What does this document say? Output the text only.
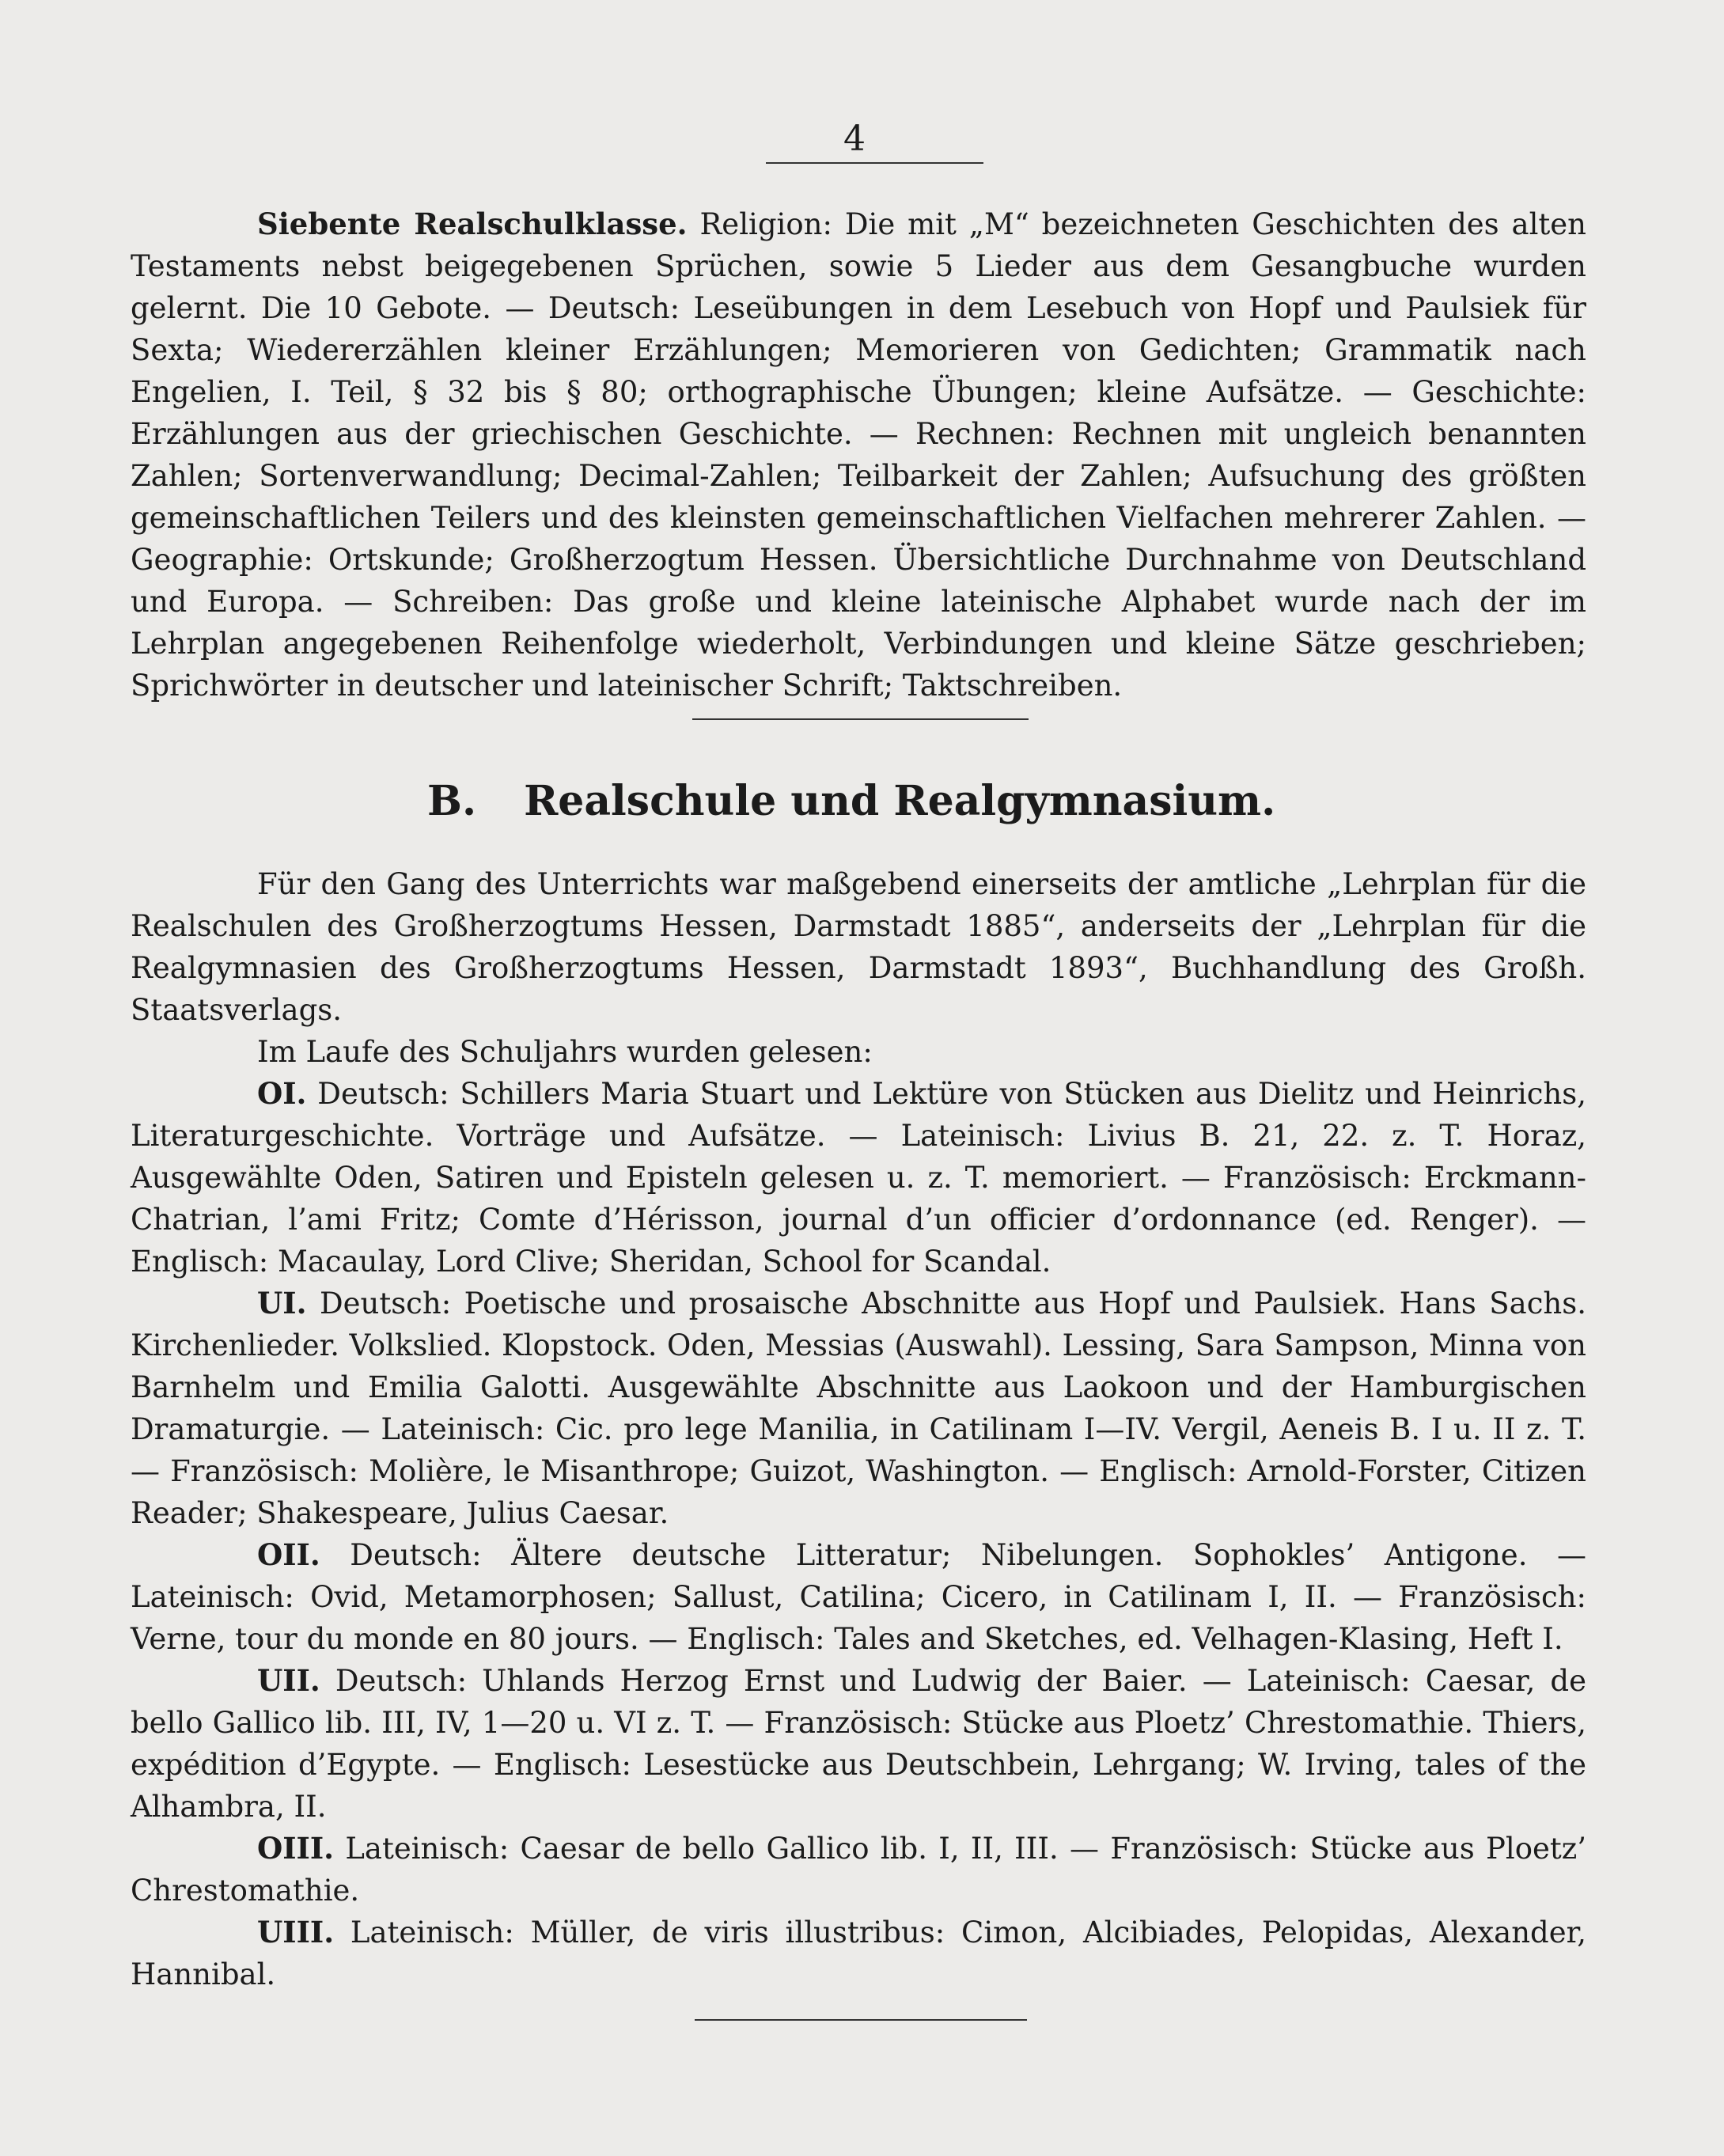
4

Siebente Realschulklasse. Religion: Die mit „M“ bezeichneten Geschichten des alten Testaments nebst beigegebenen Sprüchen, sowie 5 Lieder aus dem Gesangbuche wurden gelernt. Die 10 Gebote. — Deutsch: Leseübungen in dem Lesebuch von Hopf und Paulsiek für Sexta; Wiedererzählen kleiner Erzählungen; Memorieren von Gedichten; Grammatik nach Engelien, I. Teil, § 32 bis § 80; orthographische Übungen; kleine Aufsätze. — Geschichte: Erzählungen aus der griechischen Geschichte. — Rechnen: Rechnen mit ungleich benannten Zahlen; Sortenverwandlung; Decimal-Zahlen; Teilbarkeit der Zahlen; Aufsuchung des größten gemeinschaftlichen Teilers und des kleinsten gemeinschaftlichen Vielfachen mehrerer Zahlen. — Geographie: Ortskunde; Großherzogtum Hessen. Übersichtliche Durchnahme von Deutschland und Europa. — Schreiben: Das große und kleine lateinische Alphabet wurde nach der im Lehrplan angegebenen Reihenfolge wiederholt, Verbindungen und kleine Sätze geschrieben; Sprichwörter in deutscher und lateinischer Schrift; Taktschreiben.

B. Realschule und Realgymnasium.

Für den Gang des Unterrichts war maßgebend einerseits der amtliche „Lehrplan für die Realschulen des Großherzogtums Hessen, Darmstadt 1885“, anderseits der „Lehrplan für die Realgymnasien des Großherzogtums Hessen, Darmstadt 1893“, Buchhandlung des Großh. Staatsverlags.

Im Laufe des Schuljahrs wurden gelesen:

OI. Deutsch: Schillers Maria Stuart und Lektüre von Stücken aus Dielitz und Heinrichs, Literaturgeschichte. Vorträge und Aufsätze. — Lateinisch: Livius B. 21, 22. z. T. Horaz, Ausgewählte Oden, Satiren und Episteln gelesen u. z. T. memoriert. — Französisch: Erckmann-Chatrian, l’ami Fritz; Comte d’Hérisson, journal d’un officier d’ordonnance (ed. Renger). — Englisch: Macaulay, Lord Clive; Sheridan, School for Scandal.

UI. Deutsch: Poetische und prosaische Abschnitte aus Hopf und Paulsiek. Hans Sachs. Kirchenlieder. Volkslied. Klopstock. Oden, Messias (Auswahl). Lessing, Sara Sampson, Minna von Barnhelm und Emilia Galotti. Ausgewählte Abschnitte aus Laokoon und der Hamburgischen Dramaturgie. — Lateinisch: Cic. pro lege Manilia, in Catilinam I—IV. Vergil, Aeneis B. I u. II z. T. — Französisch: Molière, le Misanthrope; Guizot, Washington. — Englisch: Arnold-Forster, Citizen Reader; Shakespeare, Julius Caesar.

OII. Deutsch: Ältere deutsche Litteratur; Nibelungen. Sophokles’ Antigone. — Lateinisch: Ovid, Metamorphosen; Sallust, Catilina; Cicero, in Catilinam I, II. — Französisch: Verne, tour du monde en 80 jours. — Englisch: Tales and Sketches, ed. Velhagen-Klasing, Heft I.

UII. Deutsch: Uhlands Herzog Ernst und Ludwig der Baier. — Lateinisch: Caesar, de bello Gallico lib. III, IV, 1—20 u. VI z. T. — Französisch: Stücke aus Ploetz’ Chrestomathie. Thiers, expédition d’Egypte. — Englisch: Lesestücke aus Deutschbein, Lehrgang; W. Irving, tales of the Alhambra, II.

OIII. Lateinisch: Caesar de bello Gallico lib. I, II, III. — Französisch: Stücke aus Ploetz’ Chrestomathie.

UIII. Lateinisch: Müller, de viris illustribus: Cimon, Alcibiades, Pelopidas, Alexander, Hannibal.
